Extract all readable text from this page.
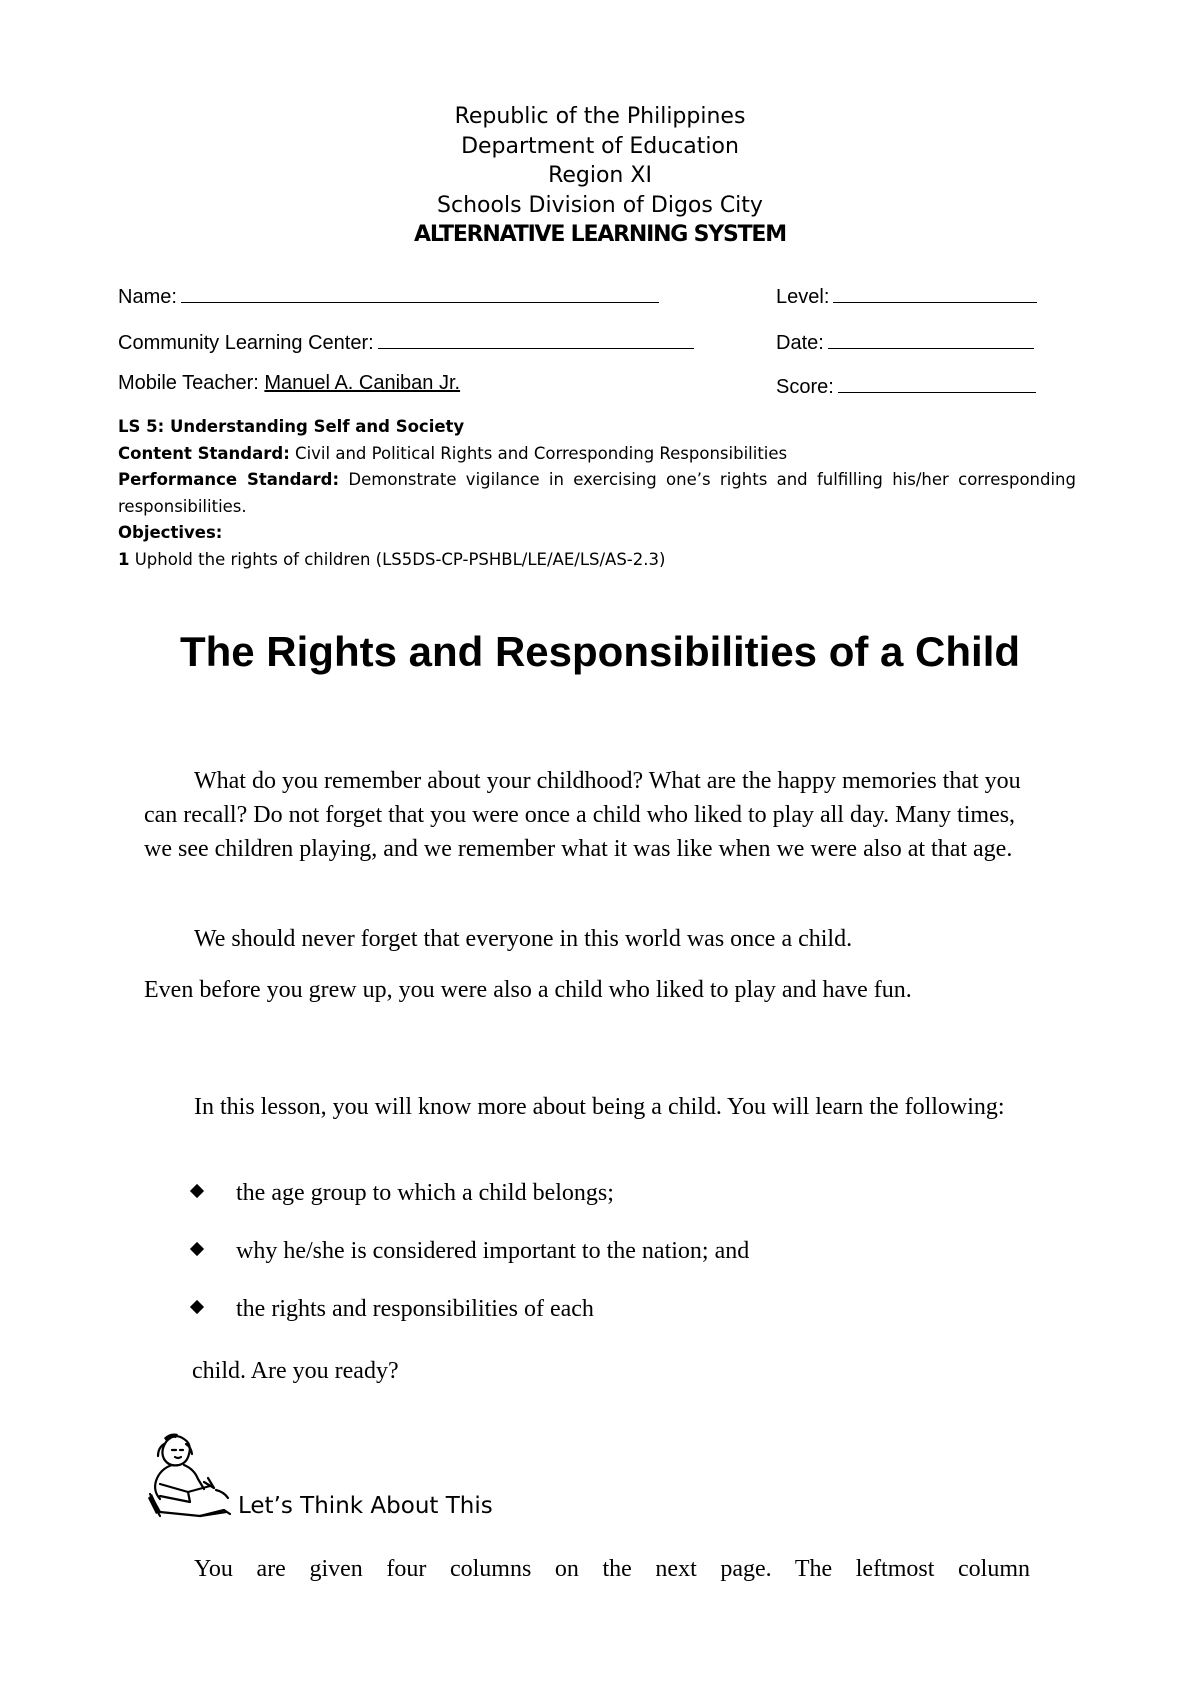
Republic of the Philippines
Department of Education
Region XI
Schools Division of Digos City
ALTERNATIVE LEARNING SYSTEM
Name:	Level:
Community Learning Center:	Date:
Mobile Teacher: Manuel A. Caniban Jr.	Score:

LS 5: Understanding Self and Society

Content Standard: Civil and Political Rights and Corresponding Responsibilities

Performance Standard: Demonstrate vigilance in exercising one’s rights and fulfilling his/her corresponding responsibilities.

Objectives:

1 Uphold the rights of children (LS5DS-CP-PSHBL/LE/AE/LS/AS-2.3)

The Rights and Responsibilities of a Child
What do you remember about your childhood? What are the happy memories that you can recall? Do not forget that you were once a child who liked to play all day. Many times, we see children playing, and we remember what it was like when we were also at that age.
We should never forget that everyone in this world was once a child.
Even before you grew up, you were also a child who liked to play and have fun.
In this lesson, you will know more about being a child. You will learn the following:
the age group to which a child belongs;
why he/she is considered important to the nation; and
the rights and responsibilities of each
child. Are you ready?
Let’s Think About This
You are given four columns on the next page. The leftmost column
